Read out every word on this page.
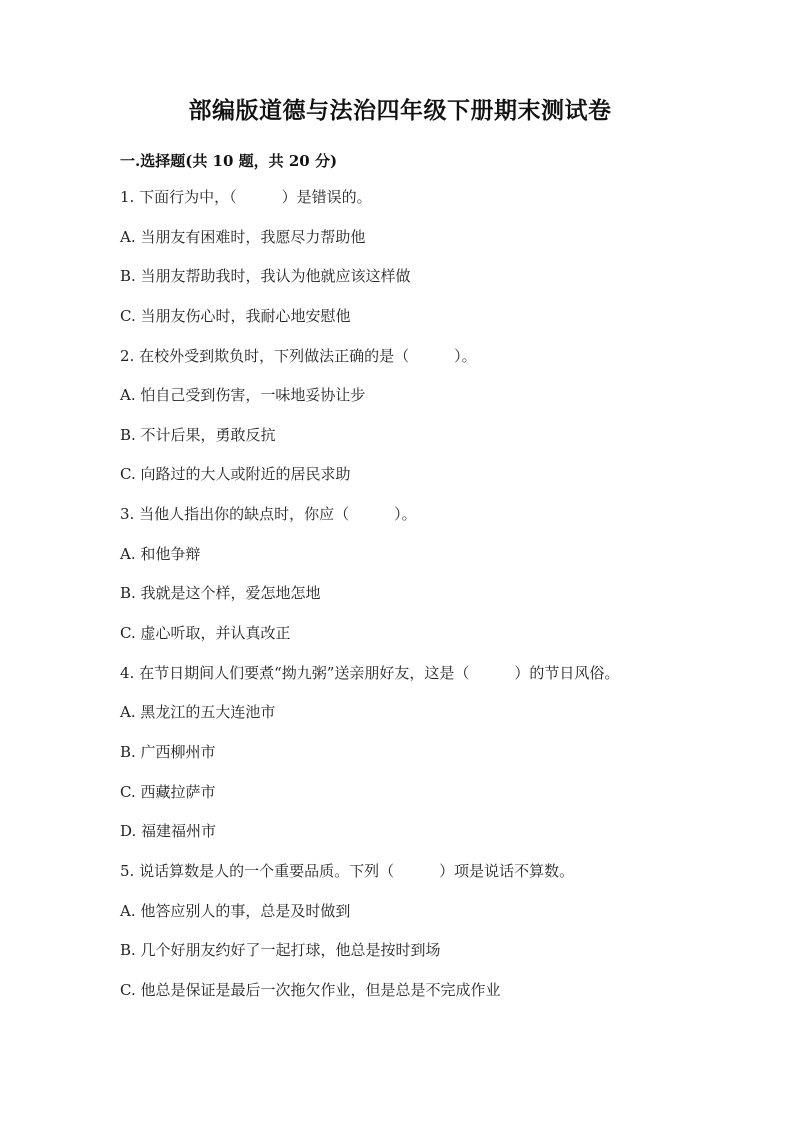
部编版道德与法治四年级下册期末测试卷
一.选择题(共 10 题，共 20 分)
1. 下面行为中，（　　　）是错误的。
A. 当朋友有困难时，我愿尽力帮助他
B. 当朋友帮助我时，我认为他就应该这样做
C. 当朋友伤心时，我耐心地安慰他
2. 在校外受到欺负时，下列做法正确的是（　　　）。
A. 怕自己受到伤害，一味地妥协让步
B. 不计后果，勇敢反抗
C. 向路过的大人或附近的居民求助
3. 当他人指出你的缺点时，你应（　　　）。
A. 和他争辩
B. 我就是这个样，爱怎地怎地
C. 虚心听取，并认真改正
4. 在节日期间人们要煮“拗九粥”送亲朋好友，这是（　　　）的节日风俗。
A. 黑龙江的五大连池市
B. 广西柳州市
C. 西藏拉萨市
D. 福建福州市
5. 说话算数是人的一个重要品质。下列（　　　）项是说话不算数。
A. 他答应别人的事，总是及时做到
B. 几个好朋友约好了一起打球，他总是按时到场
C. 他总是保证是最后一次拖欠作业，但是总是不完成作业
